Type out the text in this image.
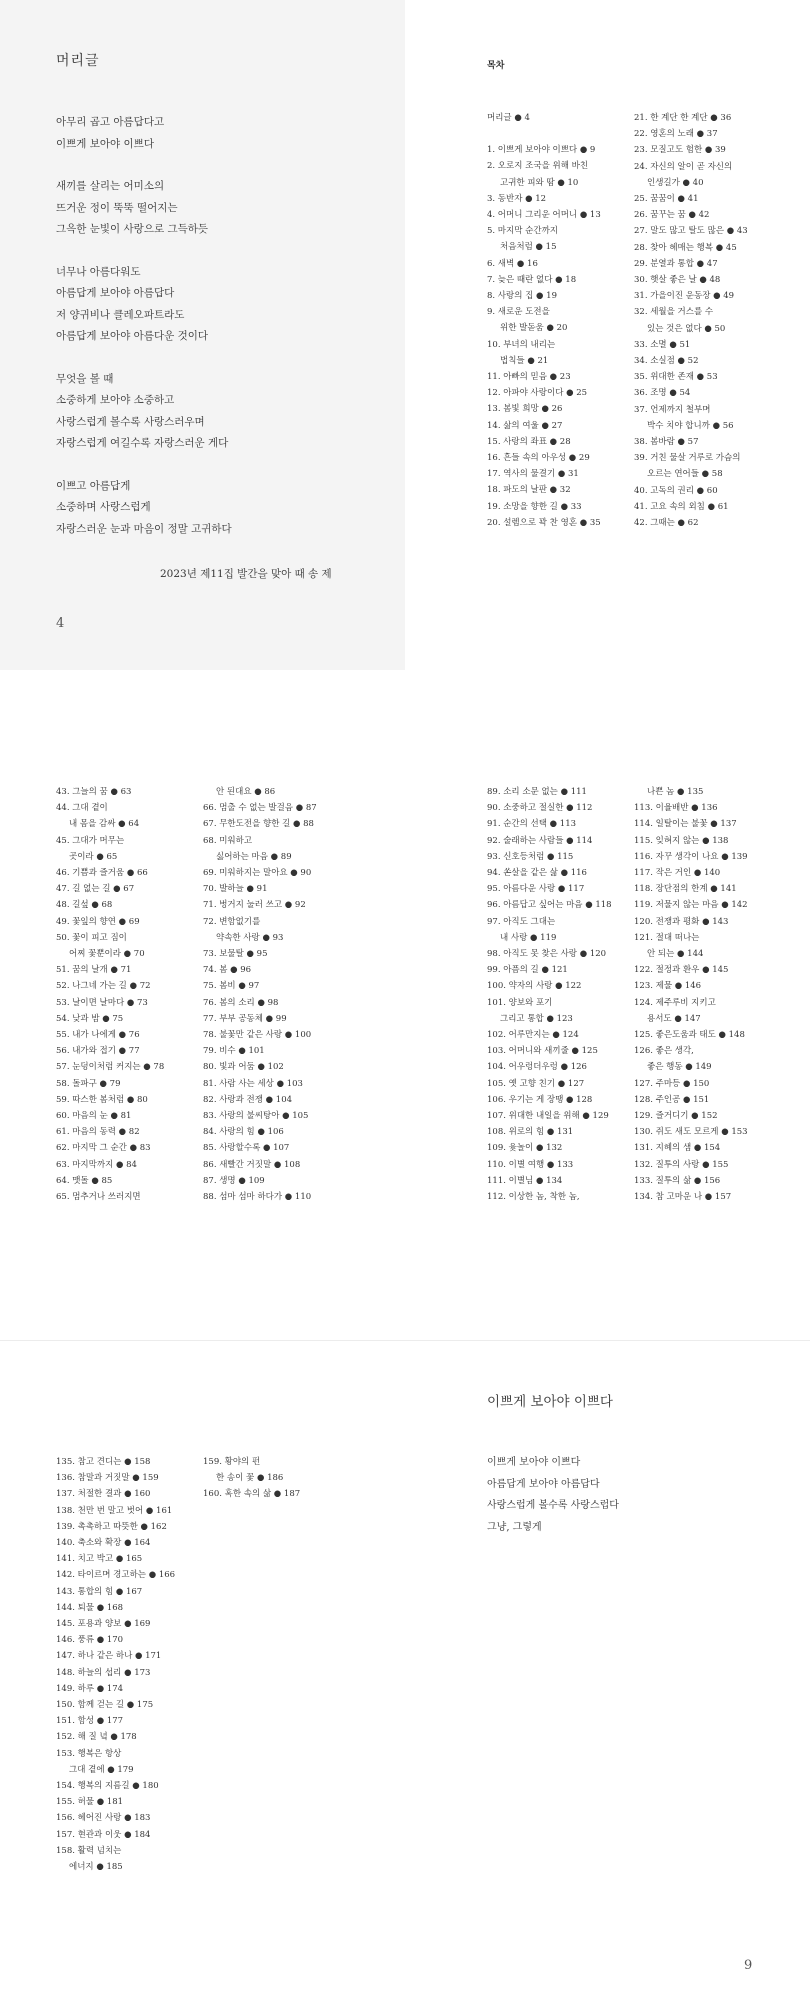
머리글
아무리 곱고 아름답다고
이쁘게 보아야 이쁘다
새끼를 살리는 어미소의
뜨거운 정이 뚝뚝 떨어지는
그윽한 눈빛이 사랑으로 그득하듯
너무나 아름다워도
아름답게 보아야 아름답다
저 양귀비나 클레오파트라도
아름답게 보아야 아름다운 것이다
무엇을 볼 때
소중하게 보아야 소중하고
사랑스럽게 볼수록 사랑스러우며
자랑스럽게 여길수록 자랑스러운 게다
이쁘고 아름답게
소중하며 사랑스럽게
자랑스러운 눈과 마음이 정말 고귀하다
2023년 제11집 발간을 맞아 때 송 제
4
목차
머리글 ● 4
1. 이쁘게 보아야 이쁘다 ● 9
2. 오로지 조국을 위해 바친
고귀한 피와 땀 ● 10
3. 동반자 ● 12
4. 어머니 그리운 어머니 ● 13
5. 마지막 순간까지
처음처럼 ● 15
6. 새벽 ● 16
7. 늦은 때란 없다 ● 18
8. 사랑의 집 ● 19
9. 새로운 도전을
위한 발돋움 ● 20
10. 부녀의 내리는
법칙들 ● 21
11. 아빠의 믿음 ● 23
12. 아파야 사랑이다 ● 25
13. 봄빛 희망 ● 26
14. 삶의 여울 ● 27
15. 사랑의 좌표 ● 28
16. 흔들 속의 아우성 ● 29
17. 역사의 물결기 ● 31
18. 파도의 날판 ● 32
19. 소망을 향한 길 ● 33
20. 설렘으로 꽉 찬 영혼 ● 35
21. 한 계단 한 계단 ● 36
22. 영혼의 노래 ● 37
23. 모질고도 험한 ● 39
24. 자신의 알이 곧 자신의
인생길가 ● 40
25. 꿈꿈이 ● 41
26. 꿈꾸는 꿈 ● 42
27. 말도 많고 탈도 많은 ● 43
28. 찾아 헤매는 행복 ● 45
29. 분열과 통합 ● 47
30. 햇살 좋은 날 ● 48
31. 가을이진 운동장 ● 49
32. 세월을 거스를 수
있는 것은 없다 ● 50
33. 소멸 ● 51
34. 소실점 ● 52
35. 위대한 존재 ● 53
36. 조명 ● 54
37. 언제까지 철부며
박수 치야 합니까 ● 56
38. 봄바람 ● 57
39. 거친 물살 거루로 가슴의
오르는 연어들 ● 58
40. 고독의 권리 ● 60
41. 고요 속의 외침 ● 61
42. 그때는 ● 62
43. 그늘의 꿈 ● 63
44. 그대 곁이
내 몸을 감싸 ● 64
45. 그대가 머무는
곳이라 ● 65
46. 기쁨과 즐거움 ● 66
47. 길 없는 길 ● 67
48. 길섶 ● 68
49. 꽃잎의 향연 ● 69
50. 꽃이 피고 짐이
어찌 꽃뿐이라 ● 70
51. 꿈의 날개 ● 71
52. 나그네 가는 길 ● 72
53. 날이면 날마다 ● 73
54. 낮과 밤 ● 75
55. 내가 나에게 ● 76
56. 내가와 접기 ● 77
57. 눈덩이처럼 커지는 ● 78
58. 돌파구 ● 79
59. 따스한 봄처럼 ● 80
60. 마음의 눈 ● 81
61. 마음의 동력 ● 82
62. 마지막 그 순간 ● 83
63. 마지막까지 ● 84
64. 맷돌 ● 85
65. 멈추거나 쓰러지면
안 된대요 ● 86
66. 멈출 수 없는 발걸음 ● 87
67. 무한도전을 향한 길 ● 88
68. 미워하고
싫어하는 마음 ● 89
69. 미워하지는 말아요 ● 90
70. 발하늘 ● 91
71. 벙거지 눌러 쓰고 ● 92
72. 변함없기를
약속한 사랑 ● 93
73. 보물탈 ● 95
74. 봄 ● 96
75. 봄비 ● 97
76. 봄의 소리 ● 98
77. 부부 공동체 ● 99
78. 불꽃만 같은 사랑 ● 100
79. 비수 ● 101
80. 빛과 어둠 ● 102
81. 사람 사는 세상 ● 103
82. 사랑과 전쟁 ● 104
83. 사랑의 불씨탕아 ● 105
84. 사랑의 힘 ● 106
85. 사랑할수록 ● 107
86. 새빨간 거짓말 ● 108
87. 생명 ● 109
88. 섬마 섬마 하다가 ● 110
89. 소리 소문 없는 ● 111
90. 소중하고 절실한 ● 112
91. 순간의 선택 ● 113
92. 술래하는 사람들 ● 114
93. 신호등처럼 ● 115
94. 쏜살을 같은 삶 ● 116
95. 아름다운 사랑 ● 117
96. 아름답고 싶어는 마음 ● 118
97. 아직도 그대는
내 사랑 ● 119
98. 아직도 못 찾은 사랑 ● 120
99. 아픔의 길 ● 121
100. 약자의 사랑 ● 122
101. 양보와 포기
그리고 통합 ● 123
102. 어루만지는 ● 124
103. 어머니와 새끼줄 ● 125
104. 어우렁더우렁 ● 126
105. 옛 고향 친기 ● 127
106. 우기는 게 장땡 ● 128
107. 위대한 내일을 위해 ● 129
108. 위로의 힘 ● 131
109. 윷놀이 ● 132
110. 이별 여행 ● 133
111. 이별님 ● 134
112. 이상한 놈, 착한 놈,
나쁜 놈 ● 135
113. 이율배반 ● 136
114. 일탈이는 불꽃 ● 137
115. 잊혀지 않는 ● 138
116. 자꾸 생각이 나요 ● 139
117. 작은 거인 ● 140
118. 장단점의 한계 ● 141
119. 저물지 않는 마음 ● 142
120. 전쟁과 평화 ● 143
121. 절대 떠나는
안 되는 ● 144
122. 절정과 환우 ● 145
123. 제물 ● 146
124. 제주루비 지키고
용서도 ● 147
125. 좋은도움과 태도 ● 148
126. 좋은 생각,
좋은 행동 ● 149
127. 주마등 ● 150
128. 주인공 ● 151
129. 즐거디기 ● 152
130. 쥐도 새도 모르게 ● 153
131. 지혜의 샘 ● 154
132. 질투의 사랑 ● 155
133. 질투의 삶 ● 156
134. 참 고마운 나 ● 157
135. 참고 견디는 ● 158
136. 참말과 거짓말 ● 159
137. 처절한 결과 ● 160
138. 천만 번 말고 벗어 ● 161
139. 촉촉하고 따뜻한 ● 162
140. 축소와 확장 ● 164
141. 치고 박고 ● 165
142. 타이르며 경고하는 ● 166
143. 통합의 힘 ● 167
144. 퇴물 ● 168
145. 포용과 양보 ● 169
146. 풍류 ● 170
147. 하나 같은 하나 ● 171
148. 하늘의 섭리 ● 173
149. 하루 ● 174
150. 함께 걷는 길 ● 175
151. 함성 ● 177
152. 해 질 녘 ● 178
153. 행복은 항상
그대 곁에 ● 179
154. 행복의 지름길 ● 180
155. 허물 ● 181
156. 헤어진 사랑 ● 183
157. 현관과 이웃 ● 184
158. 활력 넘치는
에너지 ● 185
159. 황야의 펀
한 송이 꽃 ● 186
160. 혹한 속의 삶 ● 187
이쁘게 보아야 이쁘다
이쁘게 보아야 이쁘다
아름답게 보아야 아름답다
사랑스럽게 볼수록 사랑스럽다
그냥, 그렇게
9
